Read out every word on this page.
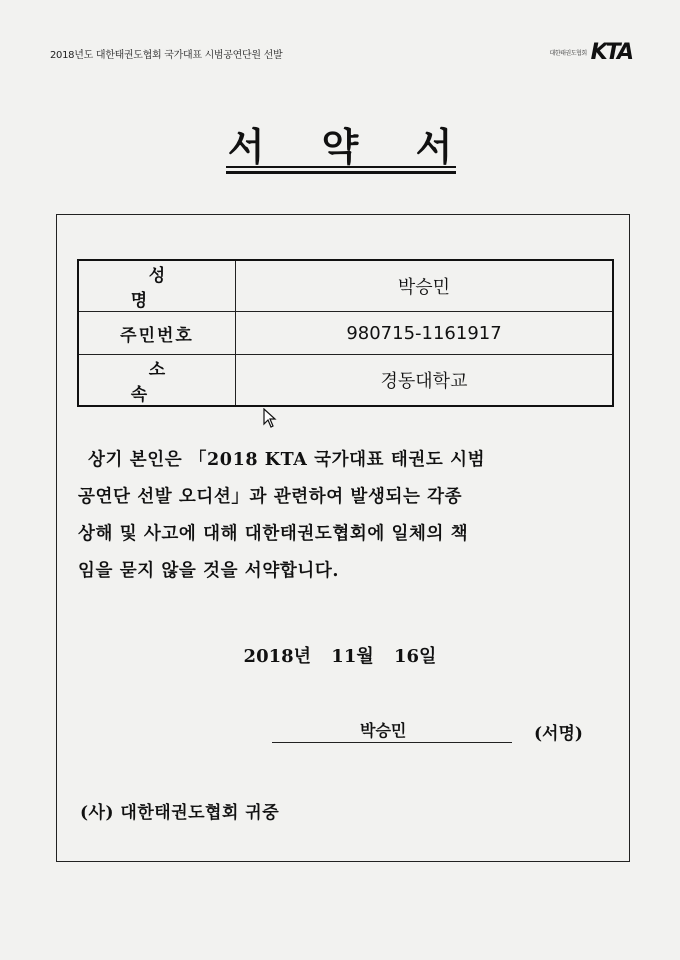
2018년도 대한태권도협회 국가대표 시범공연단원 선발	대한태권도협회 KTA
서 약 서
성 명	박승민
주민번호	980715-1161917
소 속	경동대학교
상기 본인은 「2018 KTA 국가대표 태권도 시범
공연단 선발 오디션」과 관련하여 발생되는 각종
상해 및 사고에 대해 대한태권도협회에 일체의 책
임을 묻지 않을 것을 서약합니다.
2018년 11월 16일
박승민	(서명)
(사) 대한태권도협회 귀중
